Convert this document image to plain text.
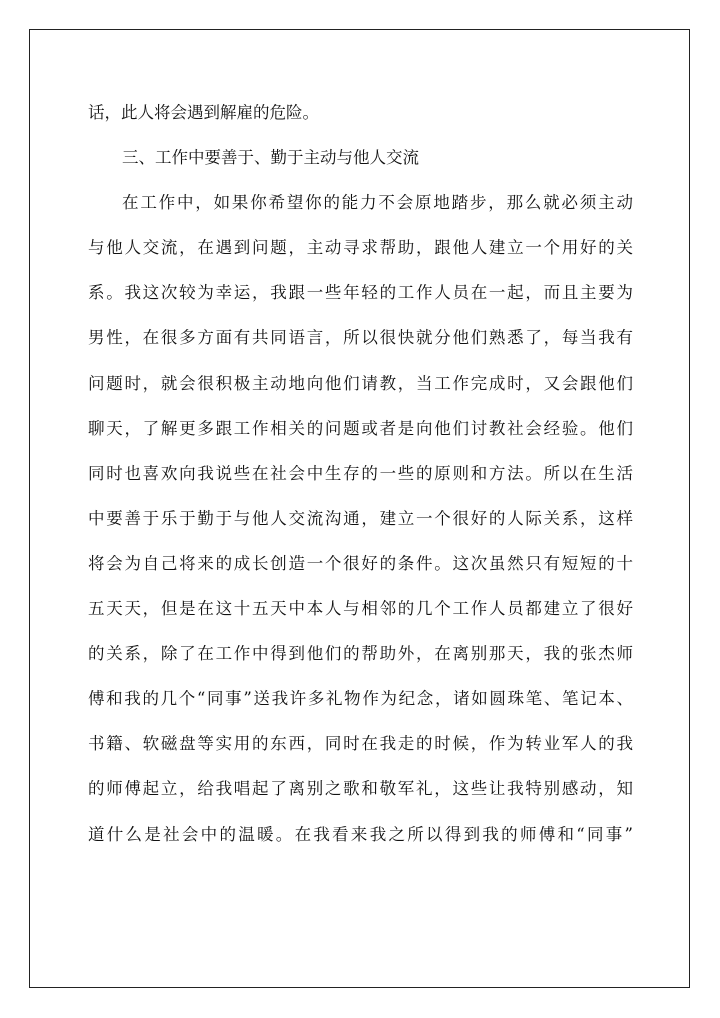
话，此人将会遇到解雇的危险。
三、工作中要善于、勤于主动与他人交流
在工作中，如果你希望你的能力不会原地踏步，那么就必须主动
与他人交流，在遇到问题，主动寻求帮助，跟他人建立一个用好的关
系。我这次较为幸运，我跟一些年轻的工作人员在一起，而且主要为
男性，在很多方面有共同语言，所以很快就分他们熟悉了，每当我有
问题时，就会很积极主动地向他们请教，当工作完成时，又会跟他们
聊天，了解更多跟工作相关的问题或者是向他们讨教社会经验。他们
同时也喜欢向我说些在社会中生存的一些的原则和方法。所以在生活
中要善于乐于勤于与他人交流沟通，建立一个很好的人际关系，这样
将会为自己将来的成长创造一个很好的条件。这次虽然只有短短的十
五天天，但是在这十五天中本人与相邻的几个工作人员都建立了很好
的关系，除了在工作中得到他们的帮助外，在离别那天，我的张杰师
傅和我的几个“同事”送我许多礼物作为纪念，诸如圆珠笔、笔记本、
书籍、软磁盘等实用的东西，同时在我走的时候，作为转业军人的我
的师傅起立，给我唱起了离别之歌和敬军礼，这些让我特别感动，知
道什么是社会中的温暖。在我看来我之所以得到我的师傅和“同事”
